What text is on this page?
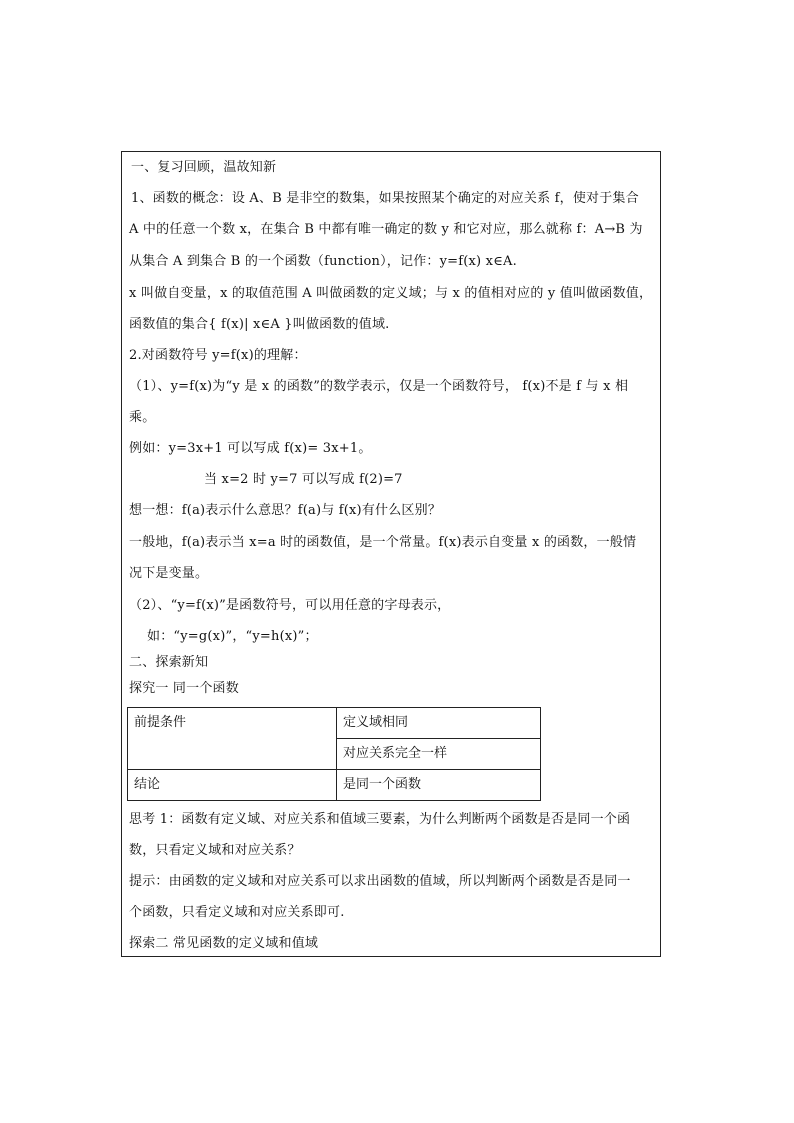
一、复习回顾，温故知新
1、函数的概念：设 A、B 是非空的数集，如果按照某个确定的对应关系 f，使对于集合
A 中的任意一个数 x，在集合 B 中都有唯一确定的数 y 和它对应，那么就称 f：A→B 为
从集合 A 到集合 B 的一个函数（function），记作：y=f(x) x∈A.
x 叫做自变量，x 的取值范围 A 叫做函数的定义域；与 x 的值相对应的 y 值叫做函数值，
函数值的集合{ f(x)| x∈A }叫做函数的值域.
2.对函数符号 y=f(x)的理解：
（1）、y=f(x)为“y 是 x 的函数”的数学表示，仅是一个函数符号， f(x)不是 f 与 x 相
乘。
例如：y=3x+1 可以写成 f(x)= 3x+1。
当 x=2 时 y=7 可以写成 f(2)=7
想一想：f(a)表示什么意思？f(a)与 f(x)有什么区别？
一般地，f(a)表示当 x=a 时的函数值，是一个常量。f(x)表示自变量 x 的函数，一般情
况下是变量。
（2）、“y=f(x)”是函数符号，可以用任意的字母表示，
如：“y=g(x)”，“y=h(x)”；
二、探索新知
探究一 同一个函数
前提条件	定义域相同

	对应关系完全一样

结论	是同一个函数
思考 1：函数有定义域、对应关系和值域三要素，为什么判断两个函数是否是同一个函
数，只看定义域和对应关系？
提示：由函数的定义域和对应关系可以求出函数的值域，所以判断两个函数是否是同一
个函数，只看定义域和对应关系即可.
探索二 常见函数的定义域和值域
